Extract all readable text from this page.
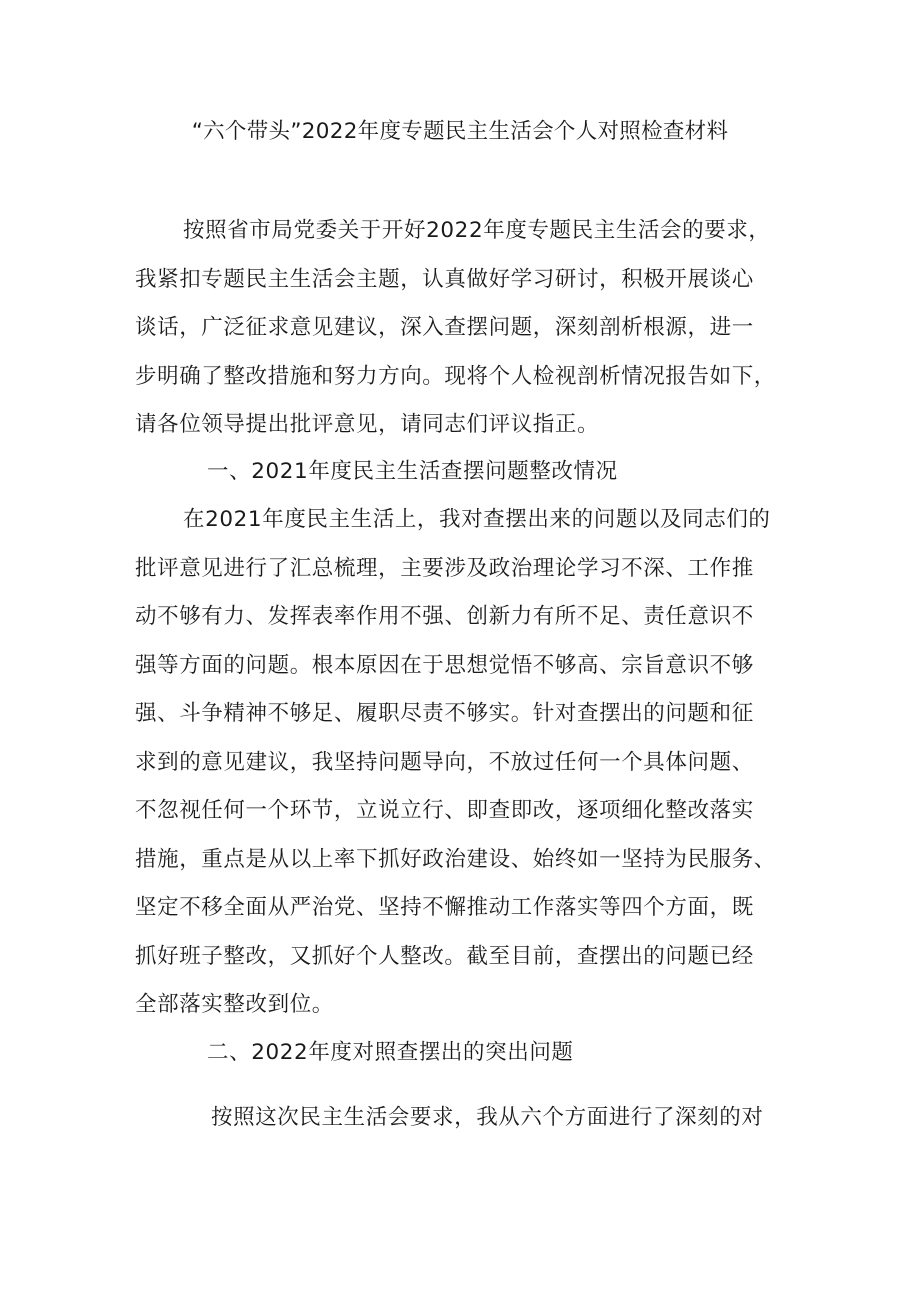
“六个带头”2022年度专题民主生活会个人对照检查材料

按照省市局党委关于开好2022年度专题民主生活会的要求，
我紧扣专题民主生活会主题，认真做好学习研讨，积极开展谈心
谈话，广泛征求意见建议，深入查摆问题，深刻剖析根源，进一
步明确了整改措施和努力方向。现将个人检视剖析情况报告如下，
请各位领导提出批评意见，请同志们评议指正。

一、2021年度民主生活查摆问题整改情况

在2021年度民主生活上，我对查摆出来的问题以及同志们的
批评意见进行了汇总梳理，主要涉及政治理论学习不深、工作推
动不够有力、发挥表率作用不强、创新力有所不足、责任意识不
强等方面的问题。根本原因在于思想觉悟不够高、宗旨意识不够
强、斗争精神不够足、履职尽责不够实。针对查摆出的问题和征
求到的意见建议，我坚持问题导向，不放过任何一个具体问题、
不忽视任何一个环节，立说立行、即查即改，逐项细化整改落实
措施，重点是从以上率下抓好政治建设、始终如一坚持为民服务、
坚定不移全面从严治党、坚持不懈推动工作落实等四个方面，既
抓好班子整改，又抓好个人整改。截至目前，查摆出的问题已经
全部落实整改到位。

二、2022年度对照查摆出的突出问题

按照这次民主生活会要求，我从六个方面进行了深刻的对
